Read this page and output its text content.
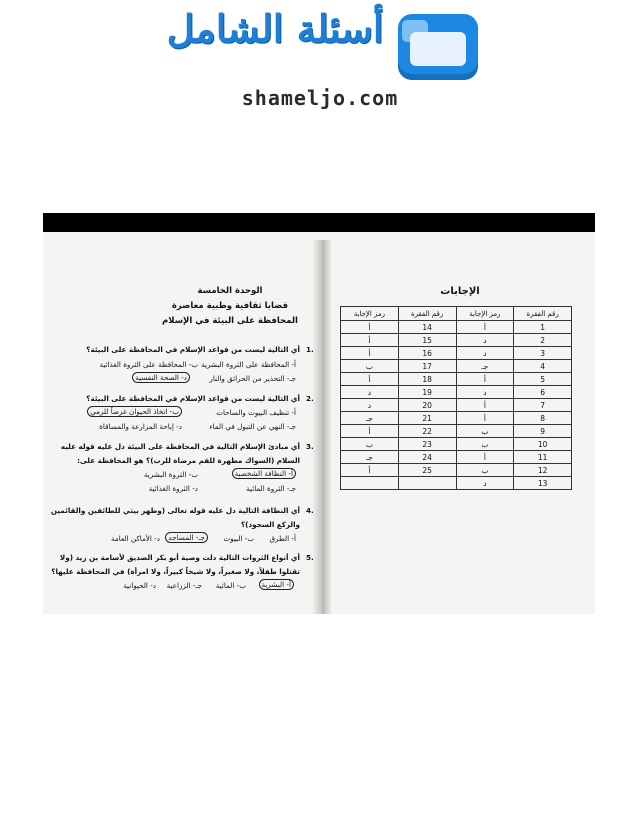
أسئلة الشامل
shameljo.com
الإجابات
رقم الفقرة	رمز الإجابة	رقم الفقرة	رمز الإجابة
1	أ	14	أ
2	د	15	أ
3	د	16	أ
4	جـ	17	ب
5	أ	18	أ
6	د	19	د
7	أ	20	د
8	أ	21	جـ
9	ب	22	أ
10	ب	23	ب
11	أ	24	جـ
12	ب	25	أ
13	د		
الوحدة الخامسة
قضايا ثقافية وطبية معاصرة
المحافظة على البيئة في الإسلام
1.
أي التالية ليست من قواعد الإسلام في المحافظة على البيئة؟
أ- المحافظة على الثروة البشرية
ب- المحافظة على الثروة الغذائية
جـ- التحذير من الحرائق والنار
د- الصحة النفسية
2.
أي التالية ليست من قواعد الإسلام في المحافظة على البيئة؟
أ- تنظيف البيوت والساحات
ب- اتخاذ الحيوان غرضاً للرمي
جـ- النهي عن التبول في الماء
د- إباحة المزارعة والمساقاة
3.
أي مبادئ الإسلام التالية في المحافظة على البيئة دل عليه قوله عليه
السلام (السواك مطهرة للفم مرضاة للرب)؟ هو المحافظة على:
أ- النظافة الشخصية
ب- الثروة البشرية
جـ- الثروة المائية
د- الثروة الغذائية
4.
أي النظافة التالية دل عليه قوله تعالى (وطهر بيتي للطائفين والقائمين
والركع السجود)؟
أ- الطرق
ب- البيوت
جـ- المساجد
د- الأماكن العامة
5.
أي أنواع الثروات التالية دلت وصية أبو بكر الصديق لأسامة بن زيد (ولا
تقتلوا طفلاً، ولا صغيراً، ولا شيخاً كبيراً، ولا امرأة) في المحافظة عليها؟
أ- البشرية
ب- المائية
جـ- الزراعية
د- الحيوانية
